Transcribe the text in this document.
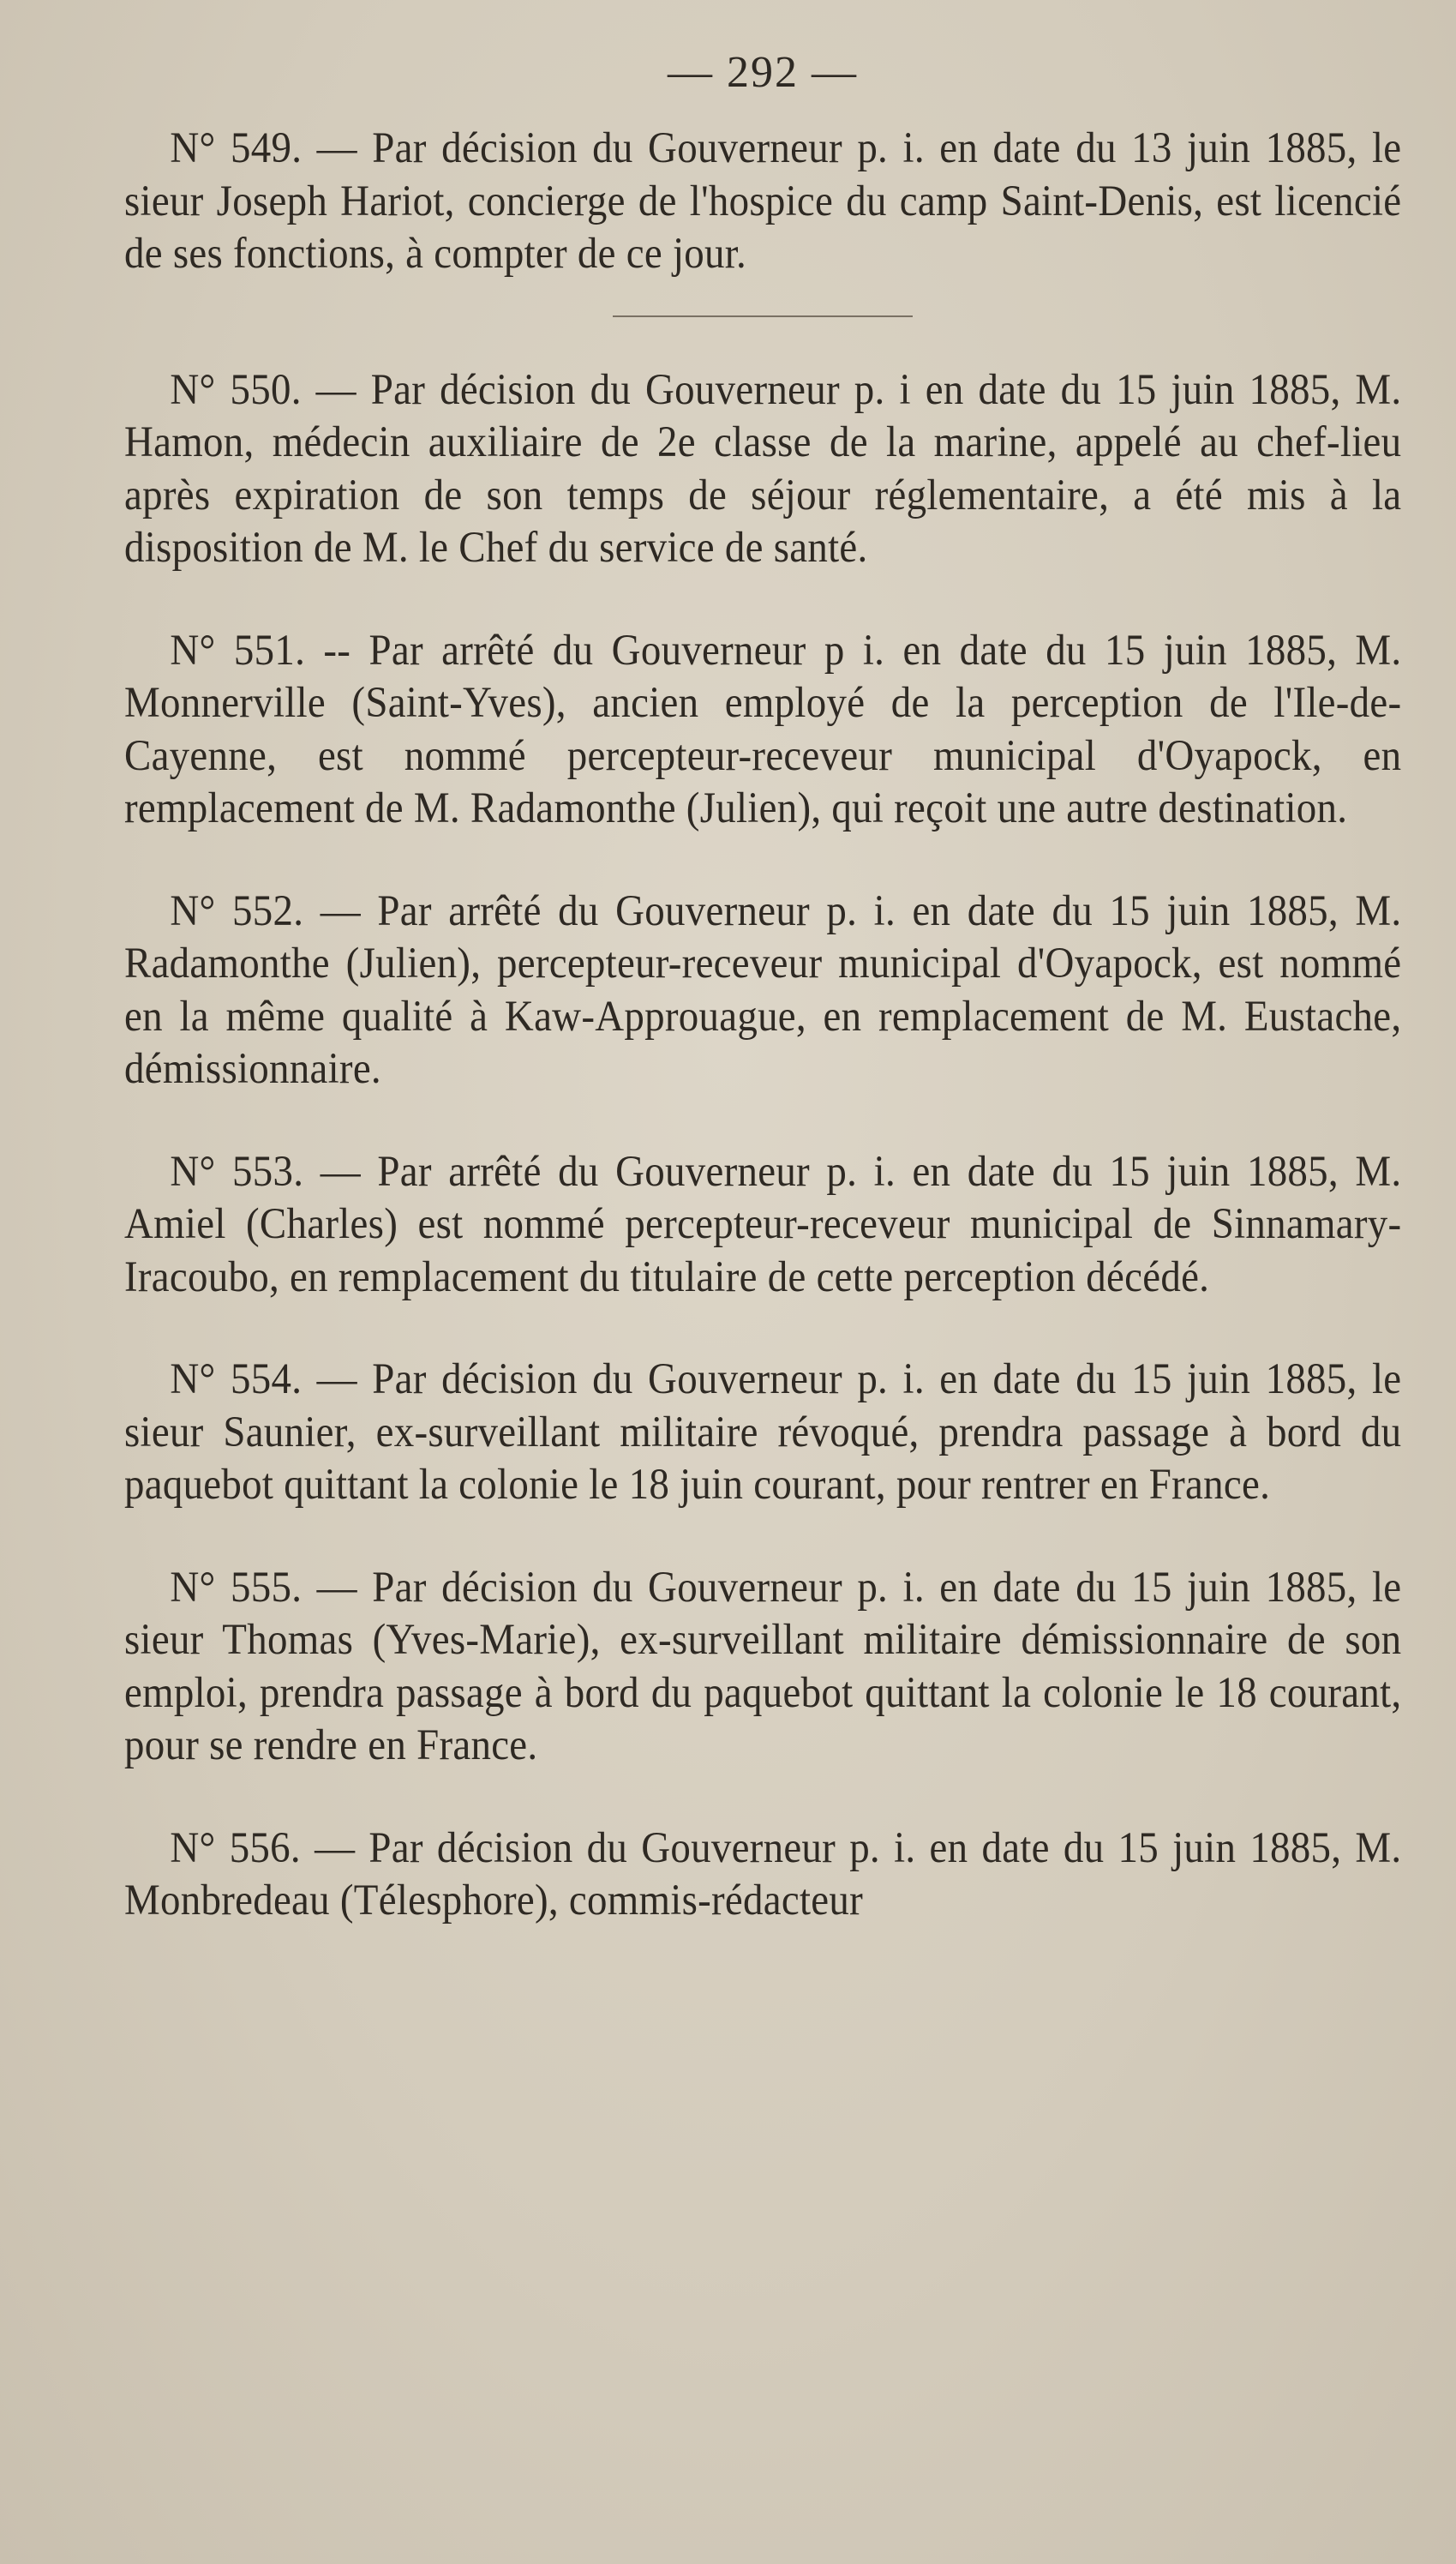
— 292 —

N° 549. — Par décision du Gouverneur p. i. en date du 13 juin 1885, le sieur Joseph Hariot, concierge de l'hospice du camp Saint-Denis, est licencié de ses fonctions, à compter de ce jour.

N° 550. — Par décision du Gouverneur p. i en date du 15 juin 1885, M. Hamon, médecin auxiliaire de 2e classe de la marine, appelé au chef-lieu après expiration de son temps de séjour réglementaire, a été mis à la disposition de M. le Chef du service de santé.

N° 551. -- Par arrêté du Gouverneur p i. en date du 15 juin 1885, M. Monnerville (Saint-Yves), ancien employé de la perception de l'Ile-de-Cayenne, est nommé percepteur-receveur municipal d'Oyapock, en remplacement de M. Radamonthe (Julien), qui reçoit une autre destination.

N° 552. — Par arrêté du Gouverneur p. i. en date du 15 juin 1885, M. Radamonthe (Julien), percepteur-receveur municipal d'Oyapock, est nommé en la même qualité à Kaw-Approuague, en remplacement de M. Eustache, démissionnaire.

N° 553. — Par arrêté du Gouverneur p. i. en date du 15 juin 1885, M. Amiel (Charles) est nommé percepteur-receveur municipal de Sinnamary-Iracoubo, en remplacement du titulaire de cette perception décédé.

N° 554. — Par décision du Gouverneur p. i. en date du 15 juin 1885, le sieur Saunier, ex-surveillant militaire révoqué, prendra passage à bord du paquebot quittant la colonie le 18 juin courant, pour rentrer en France.

N° 555. — Par décision du Gouverneur p. i. en date du 15 juin 1885, le sieur Thomas (Yves-Marie), ex-surveillant militaire démissionnaire de son emploi, prendra passage à bord du paquebot quittant la colonie le 18 courant, pour se rendre en France.

N° 556. — Par décision du Gouverneur p. i. en date du 15 juin 1885, M. Monbredeau (Télesphore), commis-rédacteur
